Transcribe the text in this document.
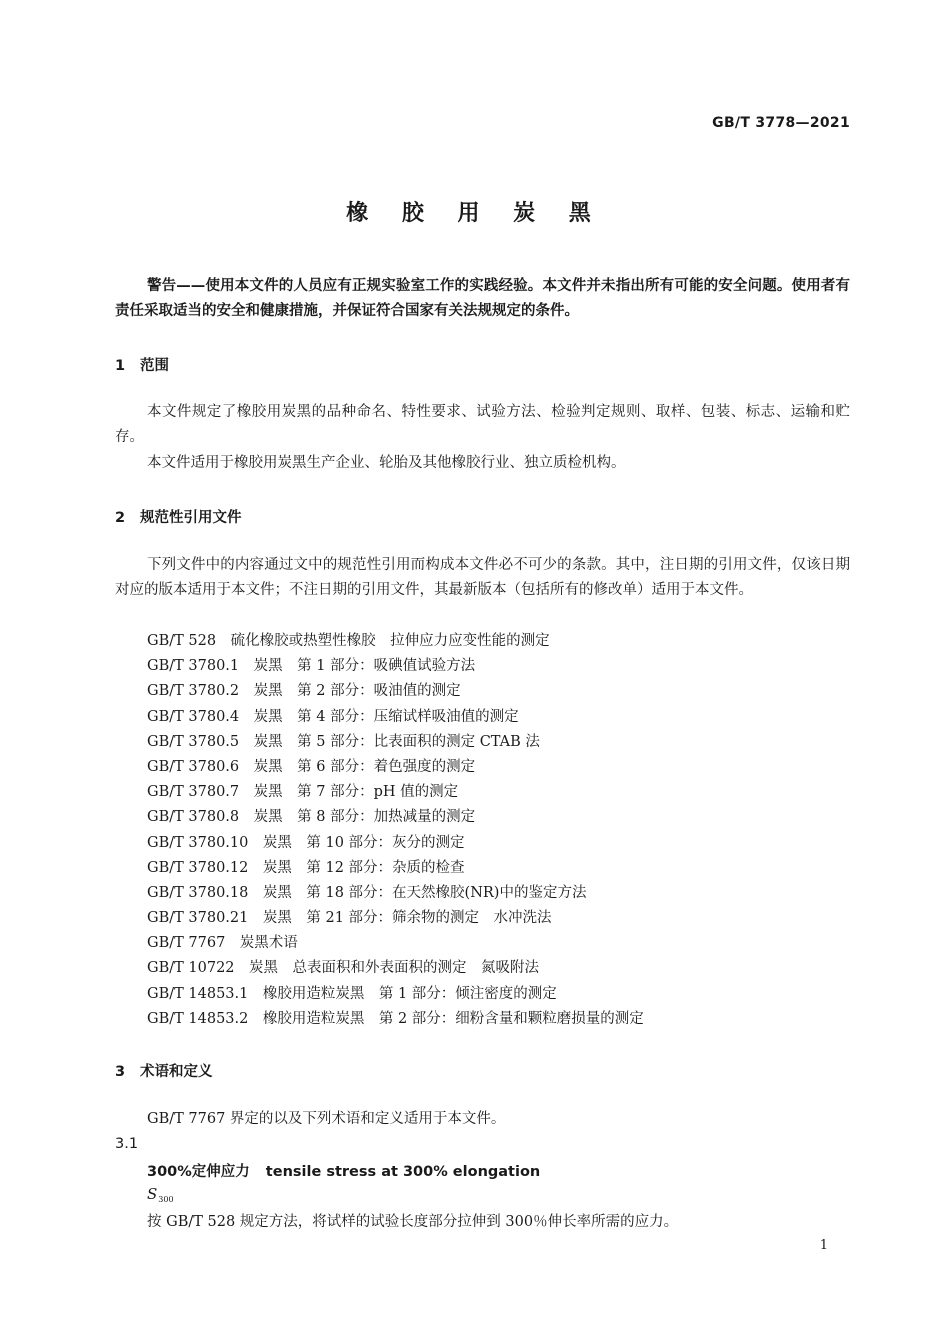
GB/T 3778—2021
橡 胶 用 炭 黑
警告——使用本文件的人员应有正规实验室工作的实践经验。本文件并未指出所有可能的安全问题。使用者有责任采取适当的安全和健康措施，并保证符合国家有关法规规定的条件。
1 范围
本文件规定了橡胶用炭黑的品种命名、特性要求、试验方法、检验判定规则、取样、包装、标志、运输和贮存。
本文件适用于橡胶用炭黑生产企业、轮胎及其他橡胶行业、独立质检机构。
2 规范性引用文件
下列文件中的内容通过文中的规范性引用而构成本文件必不可少的条款。其中，注日期的引用文件，仅该日期对应的版本适用于本文件；不注日期的引用文件，其最新版本（包括所有的修改单）适用于本文件。
GB/T 528　硫化橡胶或热塑性橡胶　拉伸应力应变性能的测定
GB/T 3780.1　炭黑　第 1 部分：吸碘值试验方法
GB/T 3780.2　炭黑　第 2 部分：吸油值的测定
GB/T 3780.4　炭黑　第 4 部分：压缩试样吸油值的测定
GB/T 3780.5　炭黑　第 5 部分：比表面积的测定 CTAB 法
GB/T 3780.6　炭黑　第 6 部分：着色强度的测定
GB/T 3780.7　炭黑　第 7 部分：pH 值的测定
GB/T 3780.8　炭黑　第 8 部分：加热减量的测定
GB/T 3780.10　炭黑　第 10 部分：灰分的测定
GB/T 3780.12　炭黑　第 12 部分：杂质的检查
GB/T 3780.18　炭黑　第 18 部分：在天然橡胶(NR)中的鉴定方法
GB/T 3780.21　炭黑　第 21 部分：筛余物的测定　水冲洗法
GB/T 7767　炭黑术语
GB/T 10722　炭黑　总表面积和外表面积的测定　氮吸附法
GB/T 14853.1　橡胶用造粒炭黑　第 1 部分：倾注密度的测定
GB/T 14853.2　橡胶用造粒炭黑　第 2 部分：细粉含量和颗粒磨损量的测定
3 术语和定义
GB/T 7767 界定的以及下列术语和定义适用于本文件。
3.1
300%定伸应力 tensile stress at 300% elongation
$S_{300}$
按 GB/T 528 规定方法，将试样的试验长度部分拉伸到 300％伸长率所需的应力。
1
